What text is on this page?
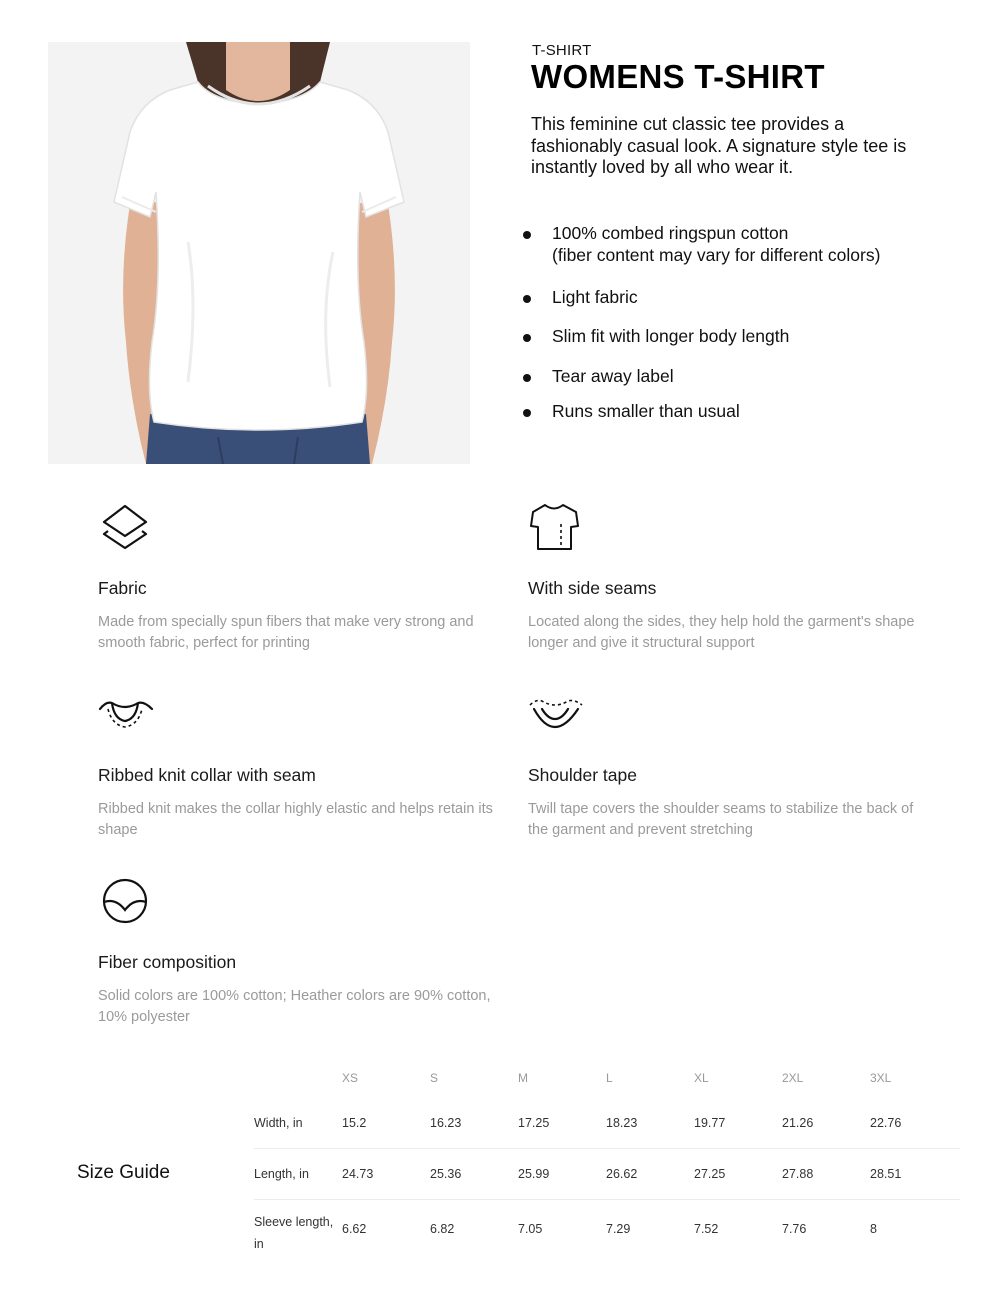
T-SHIRT
WOMENS T-SHIRT

This feminine cut classic tee provides a fashionably casual look. A signature style tee is instantly loved by all who wear it.

100% combed ringspun cotton
(fiber content may vary for different colors)
Light fabric
Slim fit with longer body length
Tear away label
Runs smaller than usual
Fabric

Made from specially spun fibers that make very strong and smooth fabric, perfect for printing

With side seams

Located along the sides, they help hold the garment's shape longer and give it structural support

Ribbed knit collar with seam

Ribbed knit makes the collar highly elastic and helps retain its shape

Shoulder tape

Twill tape covers the shoulder seams to stabilize the back of the garment and prevent stretching

Fiber composition

Solid colors are 100% cotton; Heather colors are 90% cotton, 10% polyester

Size Guide
	XS	S	M	L	XL	2XL	3XL
Width, in	15.2	16.23	17.25	18.23	19.77	21.26	22.76
Length, in	24.73	25.36	25.99	26.62	27.25	27.88	28.51
Sleeve length, in	6.62	6.82	7.05	7.29	7.52	7.76	8
